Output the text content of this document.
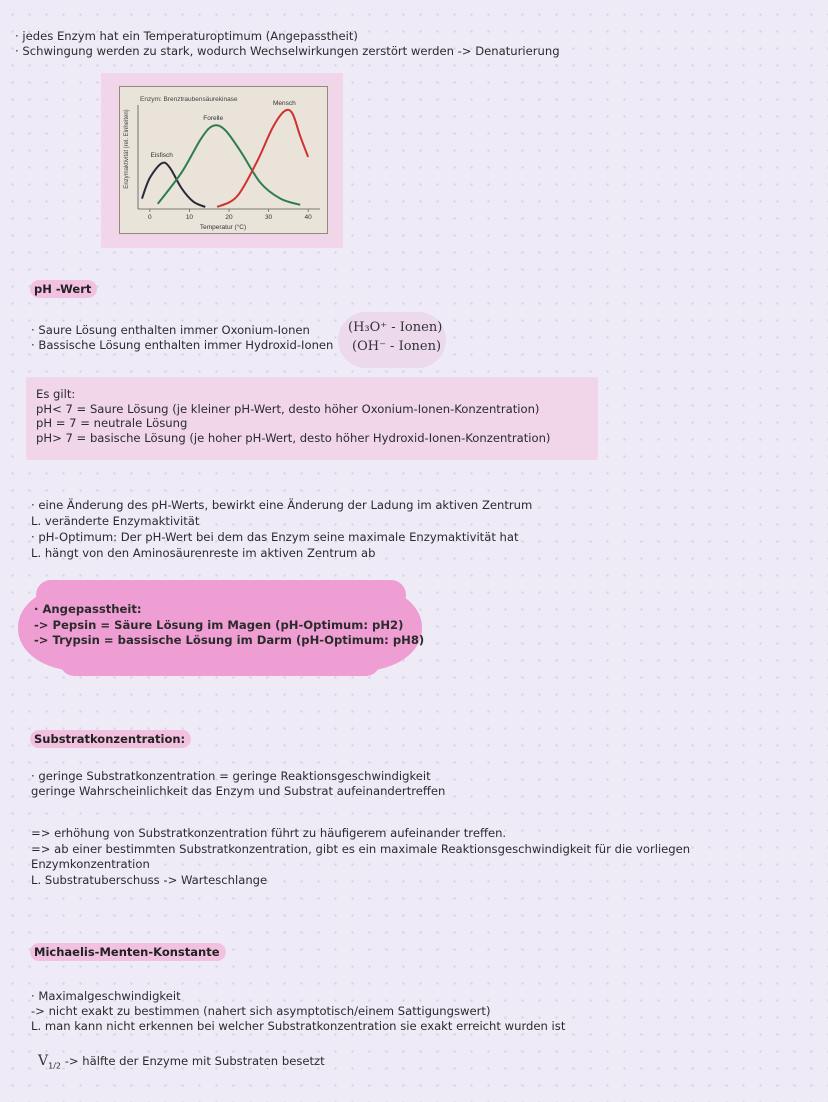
· jedes Enzym hat ein Temperaturoptimum (Angepasstheit)
· Schwingung werden zu stark, wodurch Wechselwirkungen zerstört werden -> Denaturierung
Enzymaktivität (rel. Einheiten)
Enzym: Brenztraubensäurekinase
Temperatur (°C)
0	10	20	30	40
Eisfisch
Forelle
Mensch
pH -Wert
· Saure Lösung enthalten immer Oxonium-Ionen
· Bassische Lösung enthalten immer Hydroxid-Ionen
(H₃O⁺ - Ionen)
(OH⁻ - Ionen)
Es gilt:
pH< 7 = Saure Lösung (je kleiner pH-Wert, desto höher Oxonium-Ionen-Konzentration)
pH = 7 = neutrale Lösung
pH> 7 = basische Lösung (je hoher pH-Wert, desto höher Hydroxid-Ionen-Konzentration)
· eine Änderung des pH-Werts, bewirkt eine Änderung der Ladung im aktiven Zentrum
L. veränderte Enzymaktivität
· pH-Optimum: Der pH-Wert bei dem das Enzym seine maximale Enzymaktivität hat
L. hängt von den Aminosäurenreste im aktiven Zentrum ab
· Angepasstheit:
-> Pepsin = Säure Lösung im Magen (pH-Optimum: pH2)
-> Trypsin = bassische Lösung im Darm (pH-Optimum: pH8)
Substratkonzentration:
· geringe Substratkonzentration = geringe Reaktionsgeschwindigkeit
geringe Wahrscheinlichkeit das Enzym und Substrat aufeinandertreffen
=> erhöhung von Substratkonzentration führt zu häufigerem aufeinander treffen.
=> ab einer bestimmten Substratkonzentration, gibt es ein maximale Reaktionsgeschwindigkeit für die vorliegen
Enzymkonzentration
L. Substratuberschuss -> Warteschlange
Michaelis-Menten-Konstante
· Maximalgeschwindigkeit
-> nicht exakt zu bestimmen (nahert sich asymptotisch/einem Sattigungswert)
L. man kann nicht erkennen bei welcher Substratkonzentration sie exakt erreicht wurden ist
$V_{1/2}$ -> hälfte der Enzyme mit Substraten besetzt
